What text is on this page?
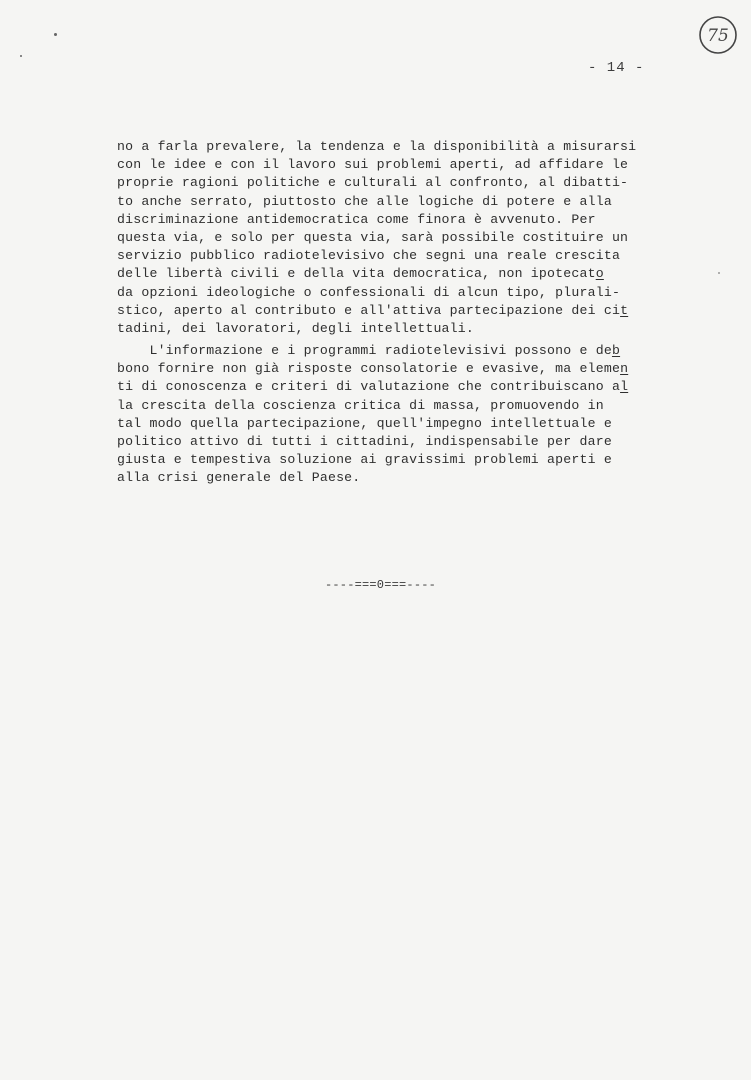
75
- 14 -
no a farla prevalere, la tendenza e la disponibilità a misurarsi
con le idee e con il lavoro sui problemi aperti, ad affidare le
proprie ragioni politiche e culturali al confronto, al dibatti-
to anche serrato, piuttosto che alle logiche di potere e alla
discriminazione antidemocratica come finora è avvenuto. Per
questa via, e solo per questa via, sarà possibile costituire un
servizio pubblico radiotelevisivo che segni una reale crescita
delle libertà civili e della vita democratica, non ipotecato
da opzioni ideologiche o confessionali di alcun tipo, plurali-
stico, aperto al contributo e all'attiva partecipazione dei cit
tadini, dei lavoratori, degli intellettuali.
L'informazione e i programmi radiotelevisivi possono e deb
bono fornire non già risposte consolatorie e evasive, ma elemen
ti di conoscenza e criteri di valutazione che contribuiscano al
la crescita della coscienza critica di massa, promuovendo in
tal modo quella partecipazione, quell'impegno intellettuale e
politico attivo di tutti i cittadini, indispensabile per dare
giusta e tempestiva soluzione ai gravissimi problemi aperti e
alla crisi generale del Paese.
----===0===----
